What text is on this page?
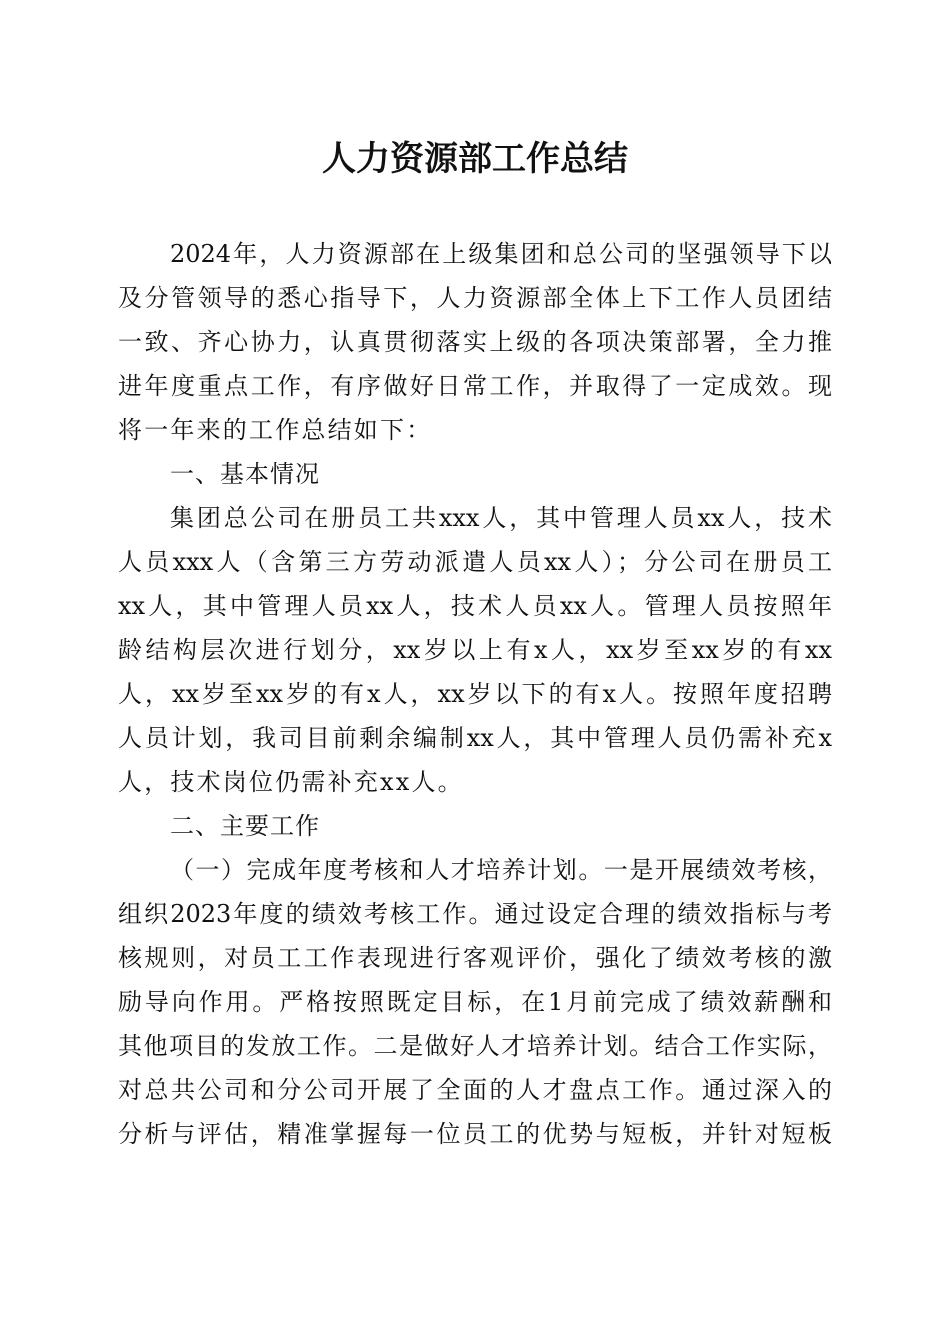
人力资源部工作总结
2024年，人力资源部在上级集团和总公司的坚强领导下以
及分管领导的悉心指导下，人力资源部全体上下工作人员团结
一致、齐心协力，认真贯彻落实上级的各项决策部署，全力推
进年度重点工作，有序做好日常工作，并取得了一定成效。现
将一年来的工作总结如下：
一、基本情况
集团总公司在册员工共xxx人，其中管理人员xx人，技术
人员xxx人（含第三方劳动派遣人员xx人）；分公司在册员工
xx人，其中管理人员xx人，技术人员xx人。管理人员按照年
龄结构层次进行划分，xx岁以上有x人，xx岁至xx岁的有xx
人，xx岁至xx岁的有x人，xx岁以下的有x人。按照年度招聘
人员计划，我司目前剩余编制xx人，其中管理人员仍需补充x
人，技术岗位仍需补充xx人。
二、主要工作
（一）完成年度考核和人才培养计划。一是开展绩效考核，
组织2023年度的绩效考核工作。通过设定合理的绩效指标与考
核规则，对员工工作表现进行客观评价，强化了绩效考核的激
励导向作用。严格按照既定目标，在1月前完成了绩效薪酬和
其他项目的发放工作。二是做好人才培养计划。结合工作实际，
对总共公司和分公司开展了全面的人才盘点工作。通过深入的
分析与评估，精准掌握每一位员工的优势与短板，并针对短板
